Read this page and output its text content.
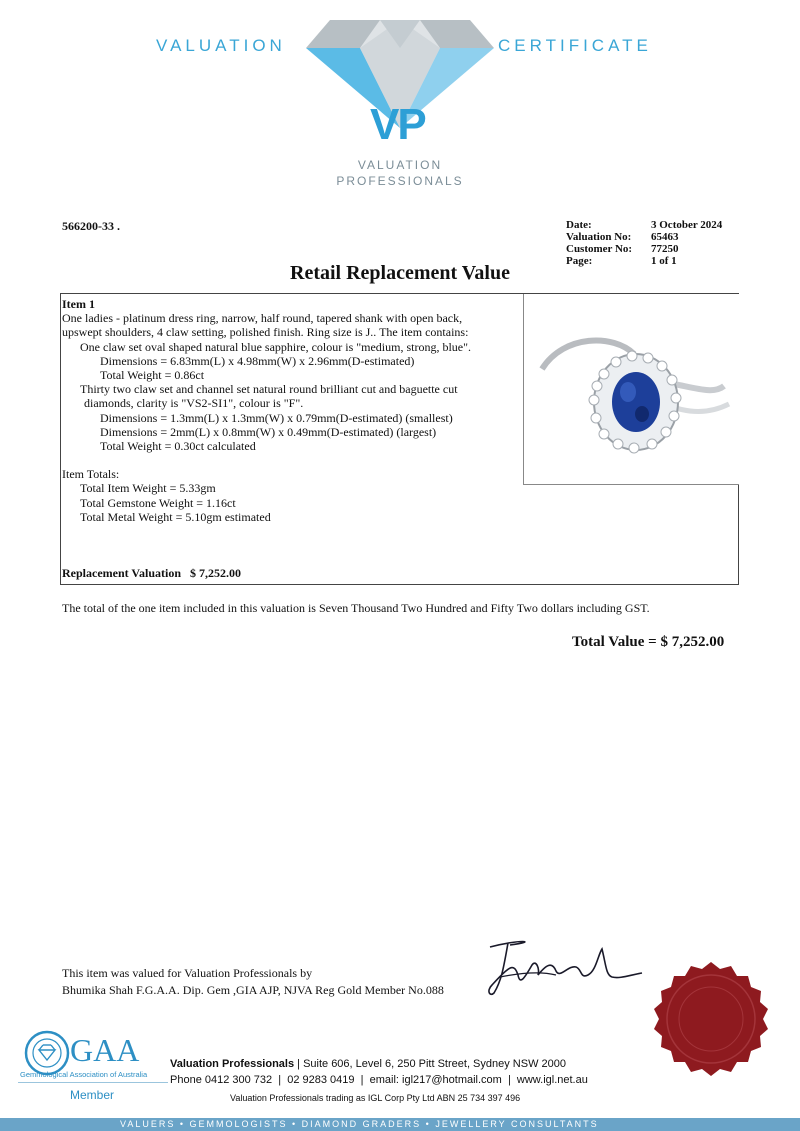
VALUATION	CERTIFICATE
VP
VALUATION
PROFESSIONALS
566200-33 .	Date:	3 October 2024
Valuation No: 65463
Customer No: 77250
Page:	1 of 1
Retail Replacement Value

Item 1

One ladies - platinum dress ring, narrow, half round, tapered shank with open back,

upswept shoulders, 4 claw setting, polished finish. Ring size is J.. The item contains:

One claw set oval shaped natural blue sapphire, colour is "medium, strong, blue".

Dimensions = 6.83mm(L) x 4.98mm(W) x 2.96mm(D-estimated)

Total Weight = 0.86ct

Thirty two claw set and channel set natural round brilliant cut and baguette cut

diamonds, clarity is "VS2-SI1", colour is "F".

Dimensions = 1.3mm(L) x 1.3mm(W) x 0.79mm(D-estimated) (smallest)

Dimensions = 2mm(L) x 0.8mm(W) x 0.49mm(D-estimated) (largest)

Total Weight = 0.30ct calculated

Item Totals:

Total Item Weight = 5.33gm

Total Gemstone Weight = 1.16ct

Total Metal Weight = 5.10gm estimated

Replacement Valuation $ 7,252.00
The total of the one item included in this valuation is Seven Thousand Two Hundred and Fifty Two dollars including GST.
Total Value = $ 7,252.00
This item was valued for Valuation Professionals by
Bhumika Shah F.G.A.A. Dip. Gem ,GIA AJP, NJVA Reg Gold Member No.088
GAA
Gemmological Association of Australia
Member
Valuation Professionals | Suite 606, Level 6, 250 Pitt Street, Sydney NSW 2000
Phone 0412 300 732  |  02 9283 0419  |  email: igl217@hotmail.com  |  www.igl.net.au
Valuation Professionals trading as IGL Corp Pty Ltd ABN 25 734 397 496
VALUERS • GEMMOLOGISTS • DIAMOND GRADERS • JEWELLERY CONSULTANTS
